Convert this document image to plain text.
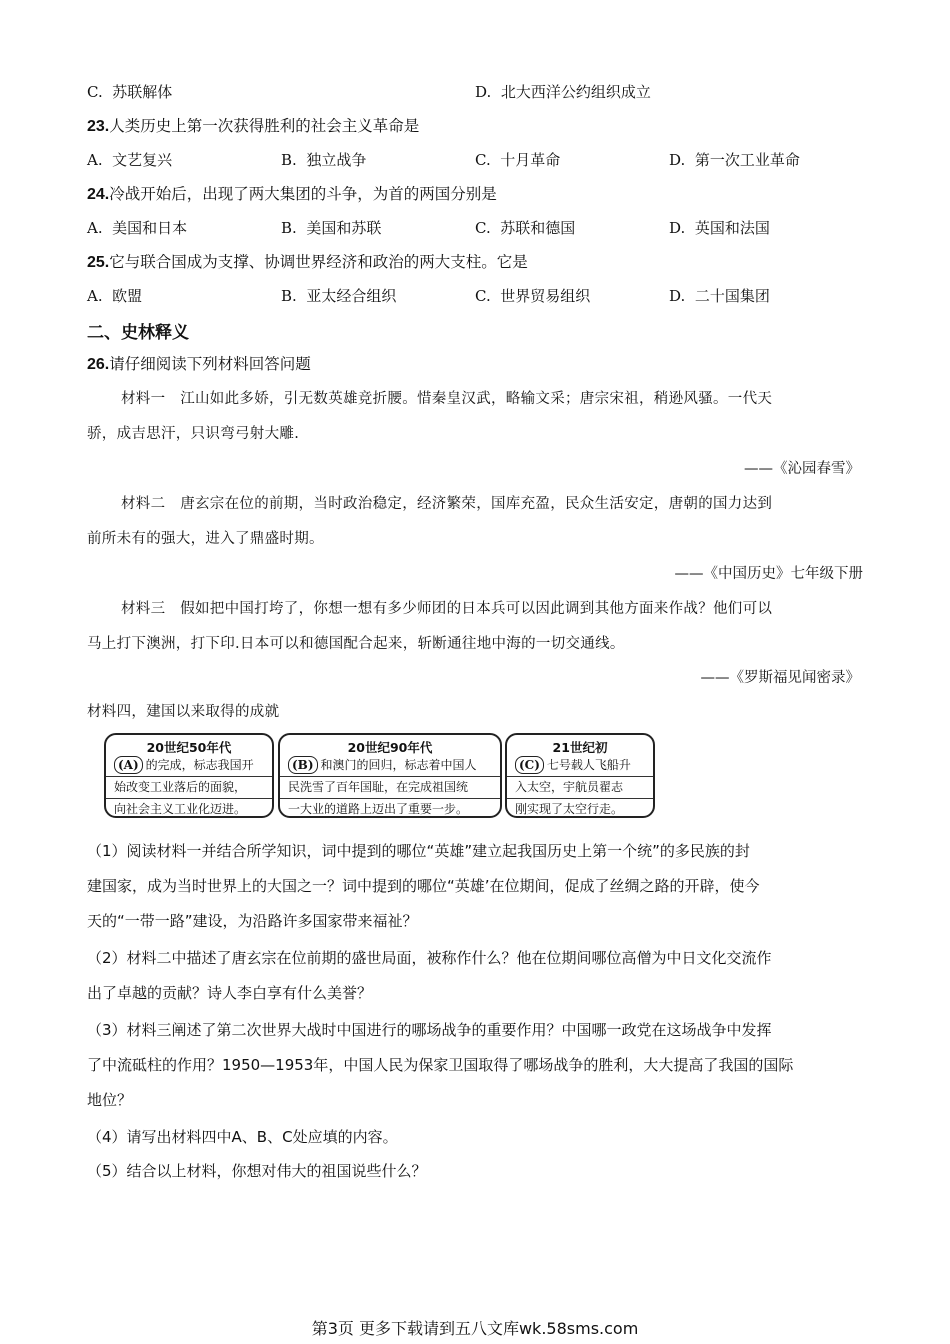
C. 苏联解体	D. 北大西洋公约组织成立
23.人类历史上第一次获得胜利的社会主义革命是
A. 文艺复兴	B. 独立战争	C. 十月革命	D. 第一次工业革命
24.冷战开始后，出现了两大集团的斗争，为首的两国分别是
A. 美国和日本	B. 美国和苏联	C. 苏联和德国	D. 英国和法国
25.它与联合国成为支撑、协调世界经济和政治的两大支柱。它是
A. 欧盟	B. 亚太经合组织	C. 世界贸易组织	D. 二十国集团
二、史林释义
26.请仔细阅读下列材料回答问题
材料一　江山如此多娇，引无数英雄竞折腰。惜秦皇汉武，略输文采；唐宗宋祖，稍逊风骚。一代天
骄，成吉思汗，只识弯弓射大雕.
——《沁园春雪》
材料二　唐玄宗在位的前期，当时政治稳定，经济繁荣，国库充盈，民众生活安定，唐朝的国力达到
前所未有的强大，进入了鼎盛时期。
——《中国历史》七年级下册
材料三　假如把中国打垮了，你想一想有多少师团的日本兵可以因此调到其他方面来作战？他们可以
马上打下澳洲，打下印.日本可以和德国配合起来，斩断通往地中海的一切交通线。
——《罗斯福见闻密录》
材料四，建国以来取得的成就
20世纪50年代
(A) 的完成，标志我国开
始改变工业落后的面貌，
向社会主义工业化迈进。
20世纪90年代
(B) 和澳门的回归，标志着中国人
民洗雪了百年国耻，在完成祖国统
一大业的道路上迈出了重要一步。
21世纪初
(C) 七号载人飞船升
入太空，宇航员翟志
刚实现了太空行走。
（1）阅读材料一并结合所学知识，词中提到的哪位“英雄”建立起我国历史上第一个统”的多民族的封
建国家，成为当时世界上的大国之一？词中提到的哪位“英雄’在位期间，促成了丝绸之路的开辟，使今
天的“一带一路”建设，为沿路许多国家带来福祉？
（2）材料二中描述了唐玄宗在位前期的盛世局面，被称作什么？他在位期间哪位高僧为中日文化交流作
出了卓越的贡献？诗人李白享有什么美誉？
（3）材料三阐述了第二次世界大战时中国进行的哪场战争的重要作用？中国哪一政党在这场战争中发挥
了中流砥柱的作用？1950—1953年，中国人民为保家卫国取得了哪场战争的胜利，大大提高了我国的国际
地位？
（4）请写出材料四中A、B、C处应填的内容。
（5）结合以上材料，你想对伟大的祖国说些什么？
第3页 更多下载请到五八文库wk.58sms.com
